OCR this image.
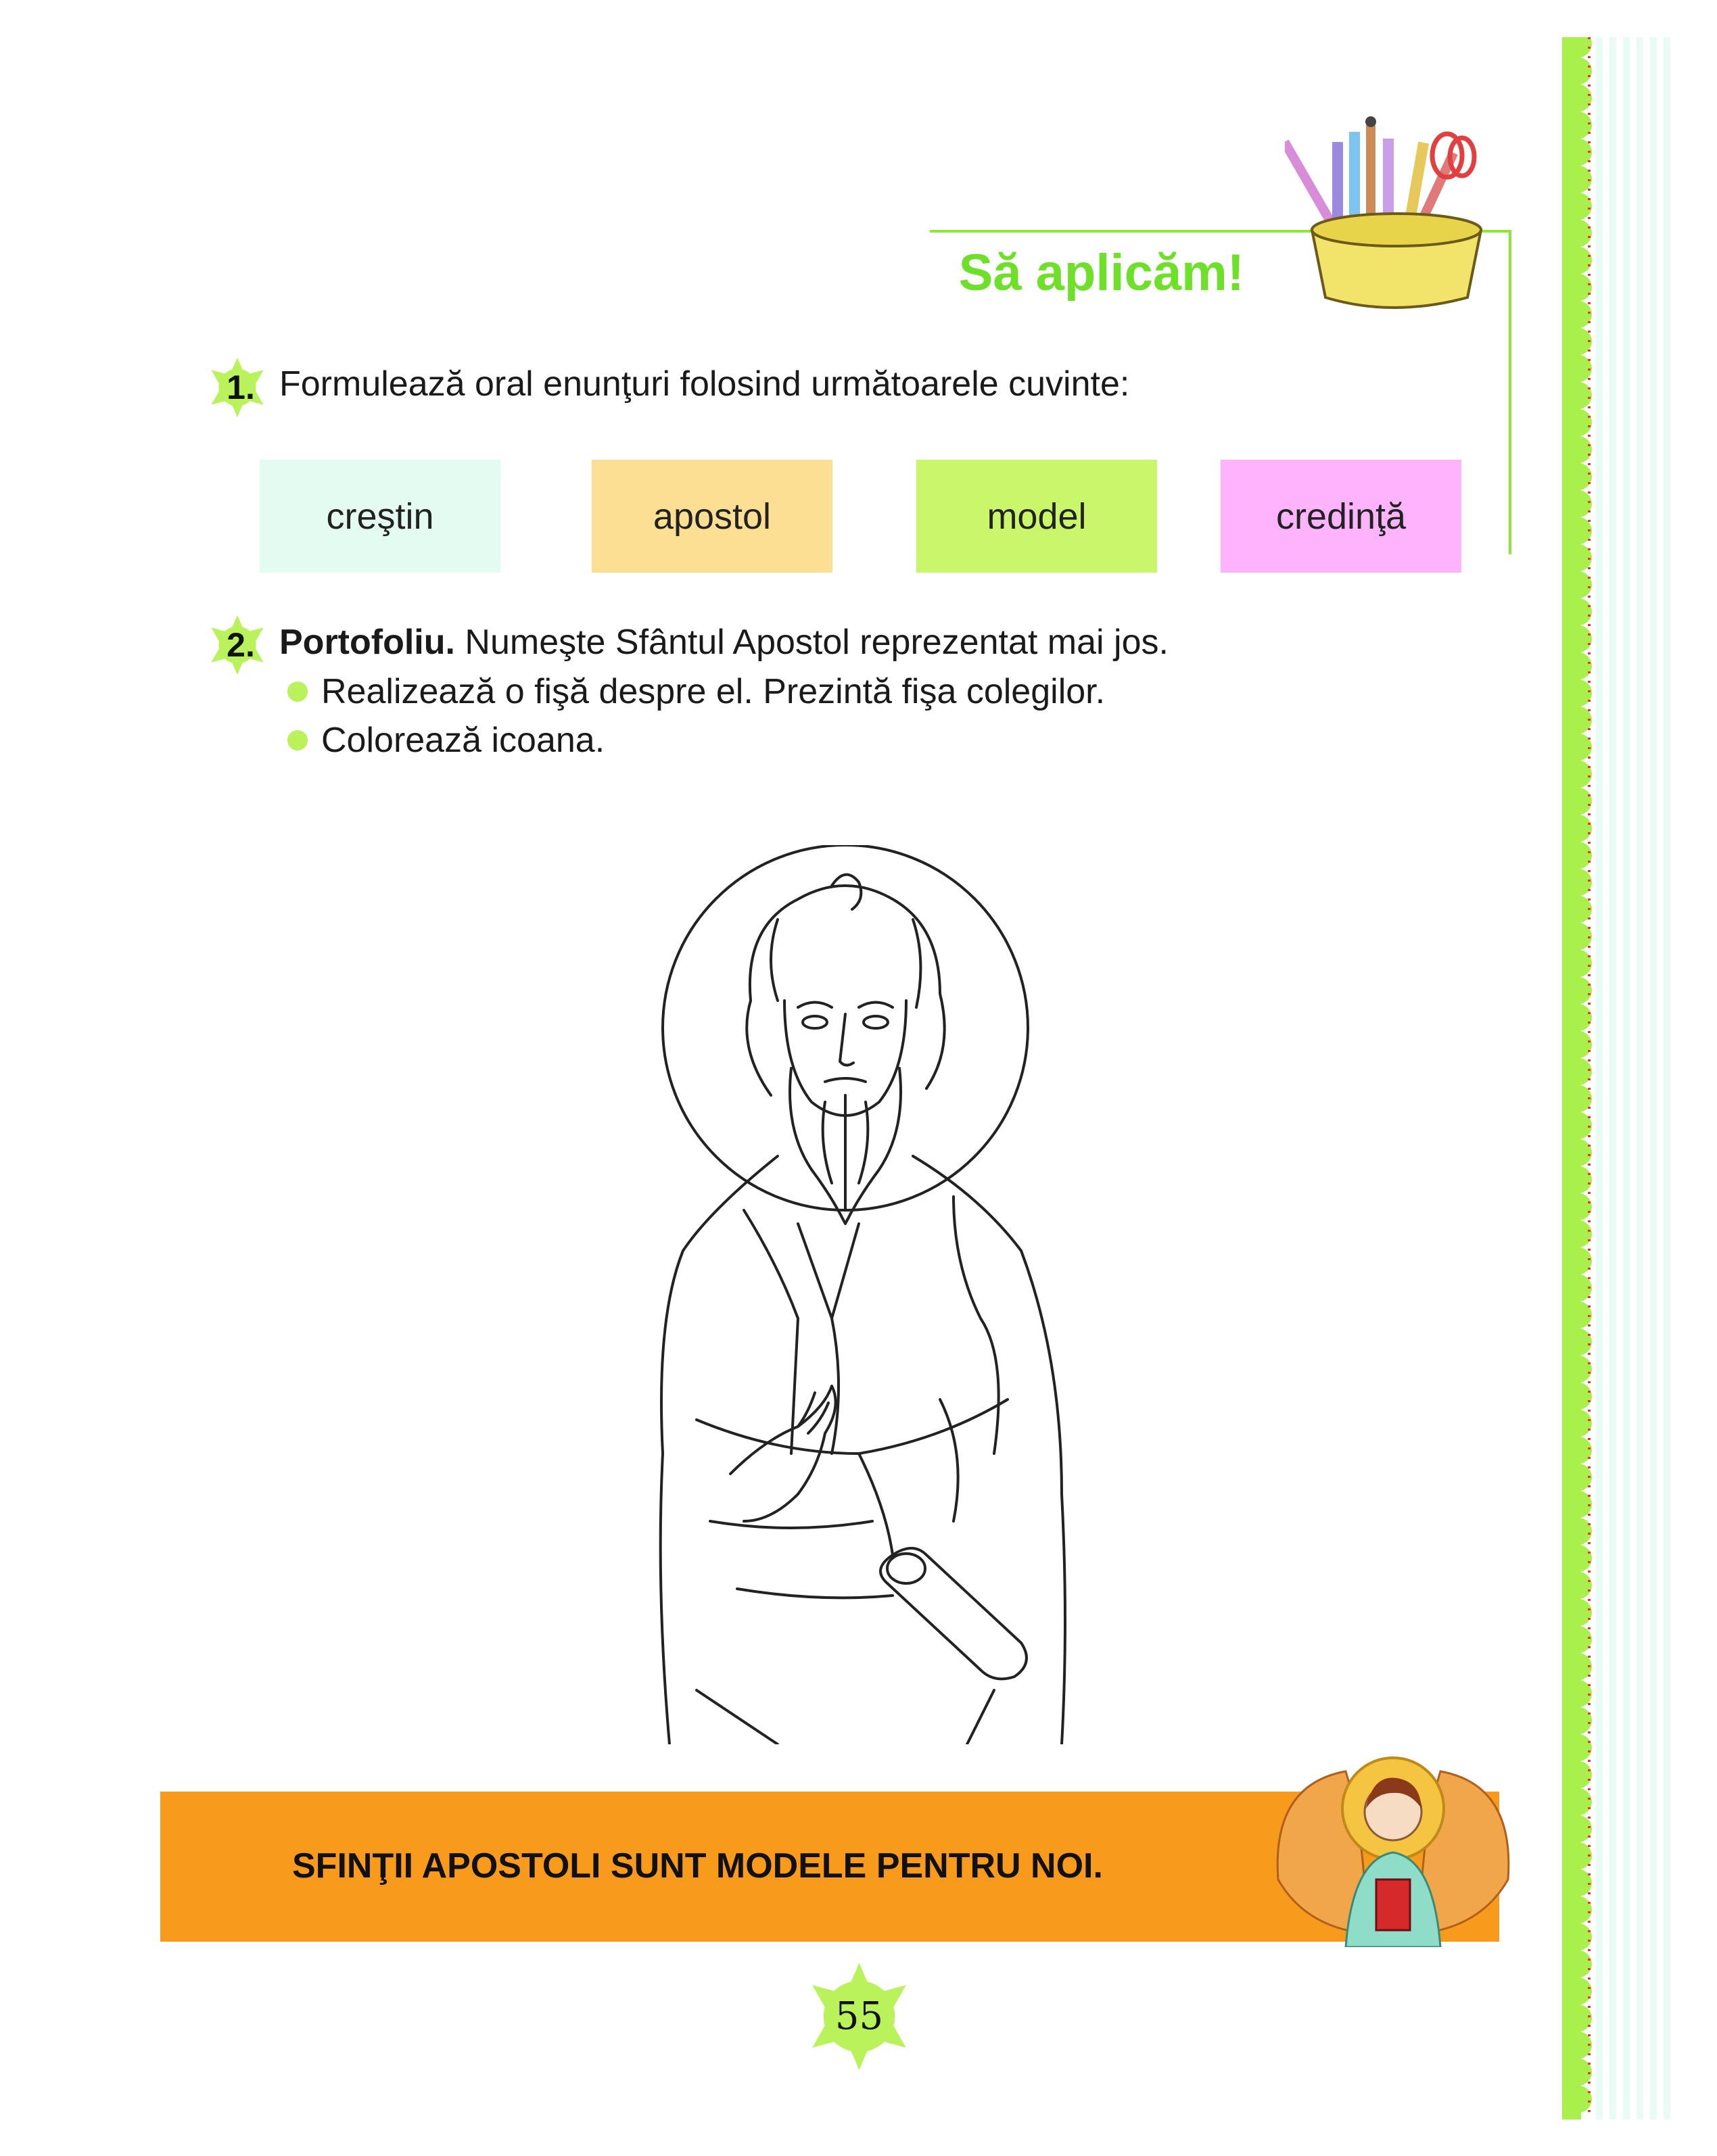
Să aplicăm!
1. Formulează oral enunţuri folosind următoarele cuvinte:
creştin	apostol	model	credinţă
2. Portofoliu. Numeşte Sfântul Apostol reprezentat mai jos.
Realizează o fişă despre el. Prezintă fişa colegilor.
Colorează icoana.
SFINŢII APOSTOLI SUNT MODELE PENTRU NOI.
55
